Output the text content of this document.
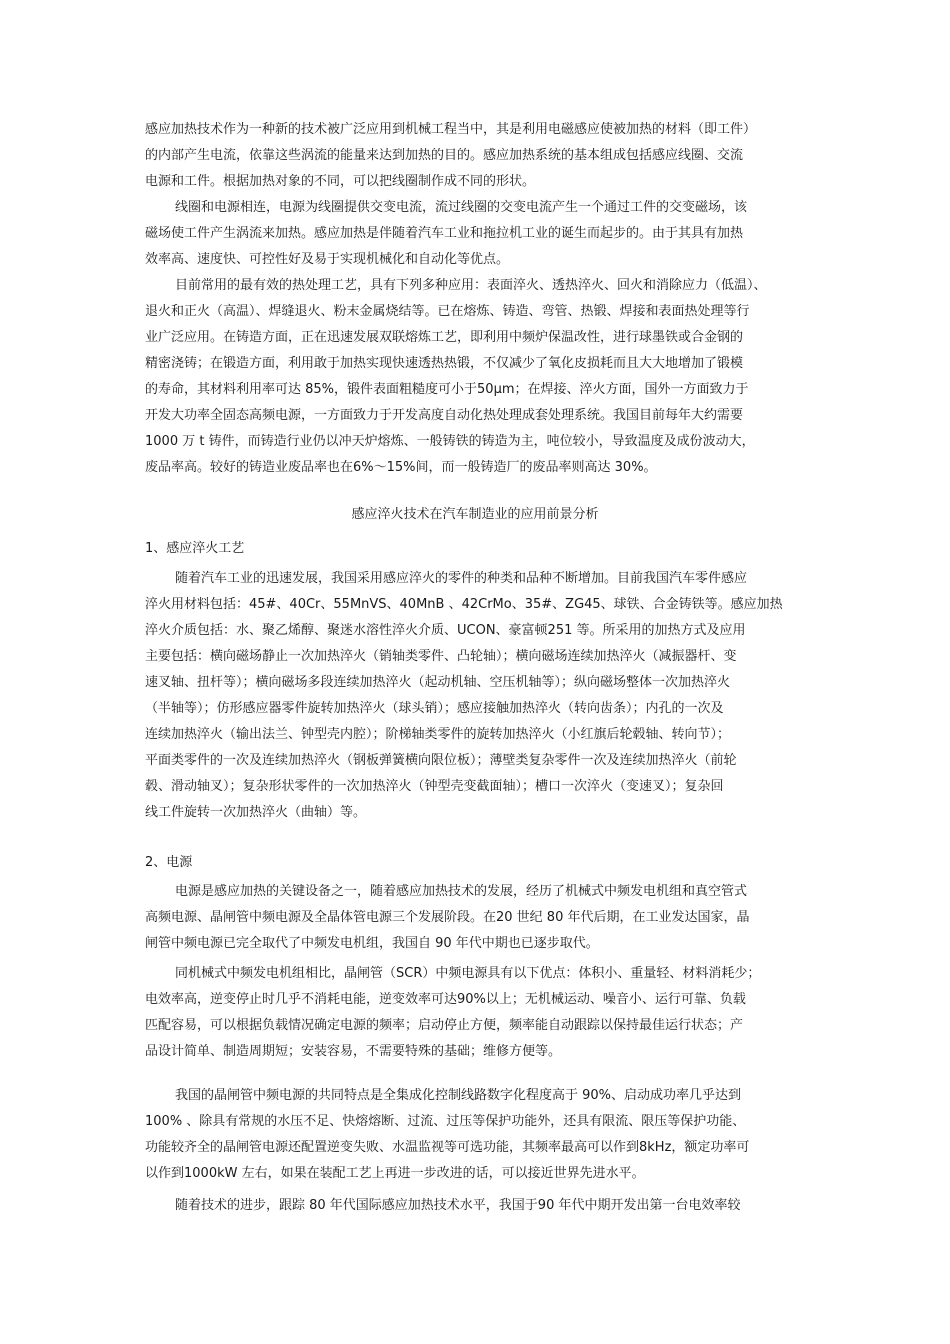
感应加热技术作为一种新的技术被广泛应用到机械工程当中，其是利用电磁感应使被加热的材料（即工件）
的内部产生电流，依靠这些涡流的能量来达到加热的目的。感应加热系统的基本组成包括感应线圈、交流
电源和工件。根据加热对象的不同，可以把线圈制作成不同的形状。

线圈和电源相连，电源为线圈提供交变电流，流过线圈的交变电流产生一个通过工件的交变磁场，该
磁场使工件产生涡流来加热。感应加热是伴随着汽车工业和拖拉机工业的诞生而起步的。由于其具有加热
效率高、速度快、可控性好及易于实现机械化和自动化等优点。

目前常用的最有效的热处理工艺，具有下列多种应用：表面淬火、透热淬火、回火和消除应力（低温）、
退火和正火（高温）、焊缝退火、粉末金属烧结等。已在熔炼、铸造、弯管、热锻、焊接和表面热处理等行
业广泛应用。在铸造方面，正在迅速发展双联熔炼工艺，即利用中频炉保温改性，进行球墨铁或合金钢的
精密浇铸；在锻造方面，利用敢于加热实现快速透热热锻，不仅减少了氧化皮损耗而且大大地增加了锻模
的寿命，其材料利用率可达 85%，锻件表面粗糙度可小于50μm；在焊接、淬火方面，国外一方面致力于
开发大功率全固态高频电源，一方面致力于开发高度自动化热处理成套处理系统。我国目前每年大约需要
1000 万 t 铸件，而铸造行业仍以冲天炉熔炼、一般铸铁的铸造为主，吨位较小，导致温度及成份波动大，
废品率高。较好的铸造业废品率也在6%～15%间，而一般铸造厂的废品率则高达 30%。

感应淬火技术在汽车制造业的应用前景分析

1、感应淬火工艺

随着汽车工业的迅速发展，我国采用感应淬火的零件的种类和品种不断增加。目前我国汽车零件感应
淬火用材料包括：45#、40Cr、55MnVS、40MnB 、42CrMo、35#、ZG45、球铁、合金铸铁等。感应加热
淬火介质包括：水、聚乙烯醇、聚迷水溶性淬火介质、UCON、豪富顿251 等。所采用的加热方式及应用
主要包括：横向磁场静止一次加热淬火（销轴类零件、凸轮轴）；横向磁场连续加热淬火（减振器杆、变
速叉轴、扭杆等）；横向磁场多段连续加热淬火（起动机轴、空压机轴等）；纵向磁场整体一次加热淬火
（半轴等）；仿形感应器零件旋转加热淬火（球头销）；感应接触加热淬火（转向齿条）；内孔的一次及
连续加热淬火（输出法兰、钟型壳内腔）；阶梯轴类零件的旋转加热淬火（小红旗后轮毂轴、转向节）；
平面类零件的一次及连续加热淬火（钢板弹簧横向限位板）；薄壁类复杂零件一次及连续加热淬火（前轮
毂、滑动轴叉）；复杂形状零件的一次加热淬火（钟型壳变截面轴）；槽口一次淬火（变速叉）；复杂回
线工件旋转一次加热淬火（曲轴）等。

2、电源

电源是感应加热的关键设备之一，随着感应加热技术的发展，经历了机械式中频发电机组和真空管式
高频电源、晶闸管中频电源及全晶体管电源三个发展阶段。在20 世纪 80 年代后期，在工业发达国家，晶
闸管中频电源已完全取代了中频发电机组，我国自 90 年代中期也已逐步取代。

同机械式中频发电机组相比，晶闸管（SCR）中频电源具有以下优点：体积小、重量轻、材料消耗少；
电效率高，逆变停止时几乎不消耗电能，逆变效率可达90%以上；无机械运动、噪音小、运行可靠、负载
匹配容易，可以根据负载情况确定电源的频率；启动停止方便，频率能自动跟踪以保持最佳运行状态；产
品设计简单、制造周期短；安装容易，不需要特殊的基础；维修方便等。

我国的晶闸管中频电源的共同特点是全集成化控制线路数字化程度高于 90%、启动成功率几乎达到
100% 、除具有常规的水压不足、快熔熔断、过流、过压等保护功能外，还具有限流、限压等保护功能、
功能较齐全的晶闸管电源还配置逆变失败、水温监视等可选功能，其频率最高可以作到8kHz，额定功率可
以作到1000kW 左右，如果在装配工艺上再进一步改进的话，可以接近世界先进水平。

随着技术的进步，跟踪 80 年代国际感应加热技术水平，我国于90 年代中期开发出第一台电效率较
